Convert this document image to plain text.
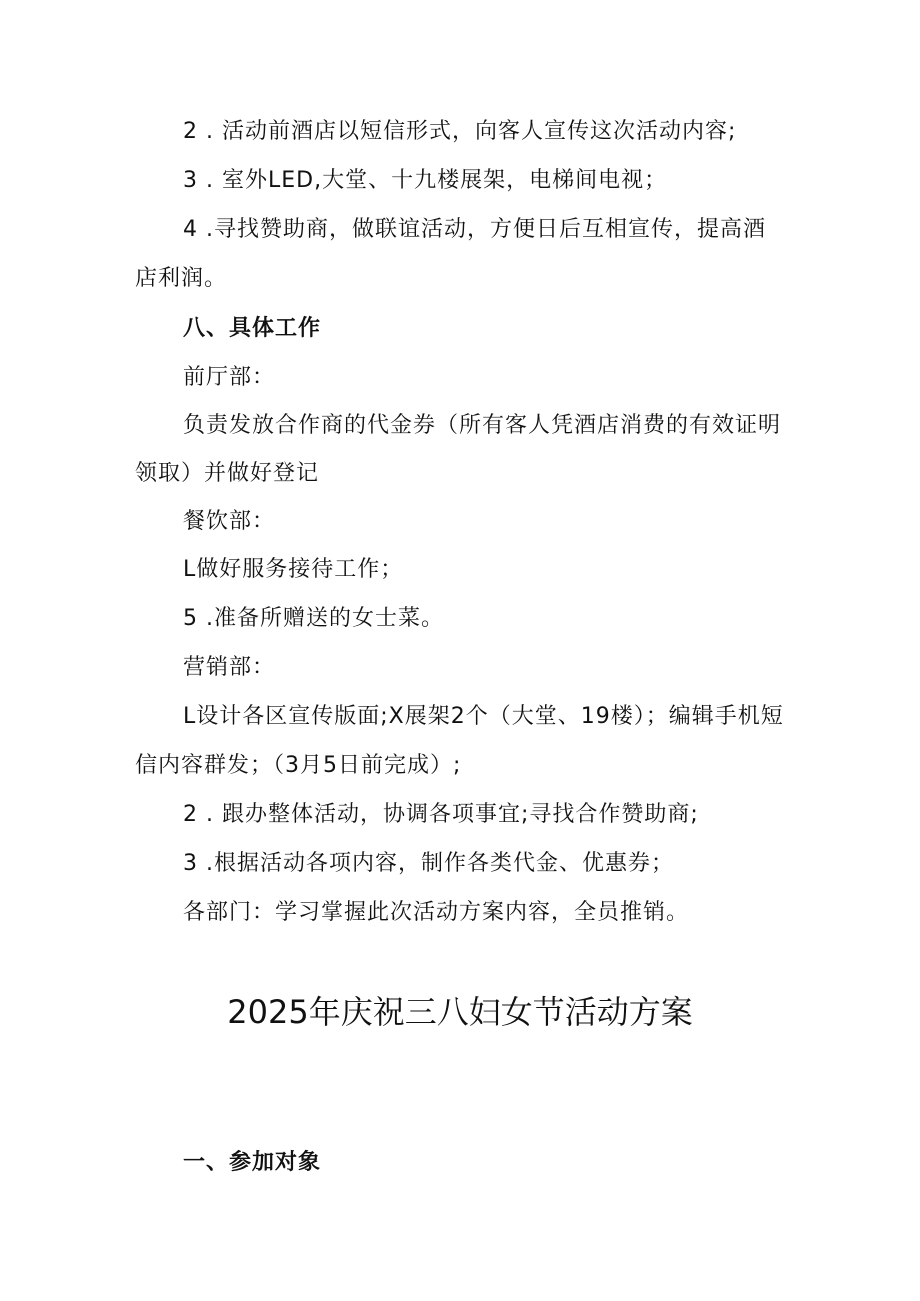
2 . 活动前酒店以短信形式，向客人宣传这次活动内容;
3 . 室外LED,大堂、十九楼展架，电梯间电视；
4 .寻找赞助商，做联谊活动，方便日后互相宣传，提高酒
店利润。
八、具体工作
前厅部：
负责发放合作商的代金券（所有客人凭酒店消费的有效证明
领取）并做好登记
餐饮部：
L做好服务接待工作；
5 .准备所赠送的女士菜。
营销部：
L设计各区宣传版面;X展架2个（大堂、19楼）；编辑手机短
信内容群发；（3月5日前完成）;
2 . 跟办整体活动，协调各项事宜;寻找合作赞助商;
3 .根据活动各项内容，制作各类代金、优惠券；
各部门：学习掌握此次活动方案内容，全员推销。
2025年庆祝三八妇女节活动方案
一、参加对象
